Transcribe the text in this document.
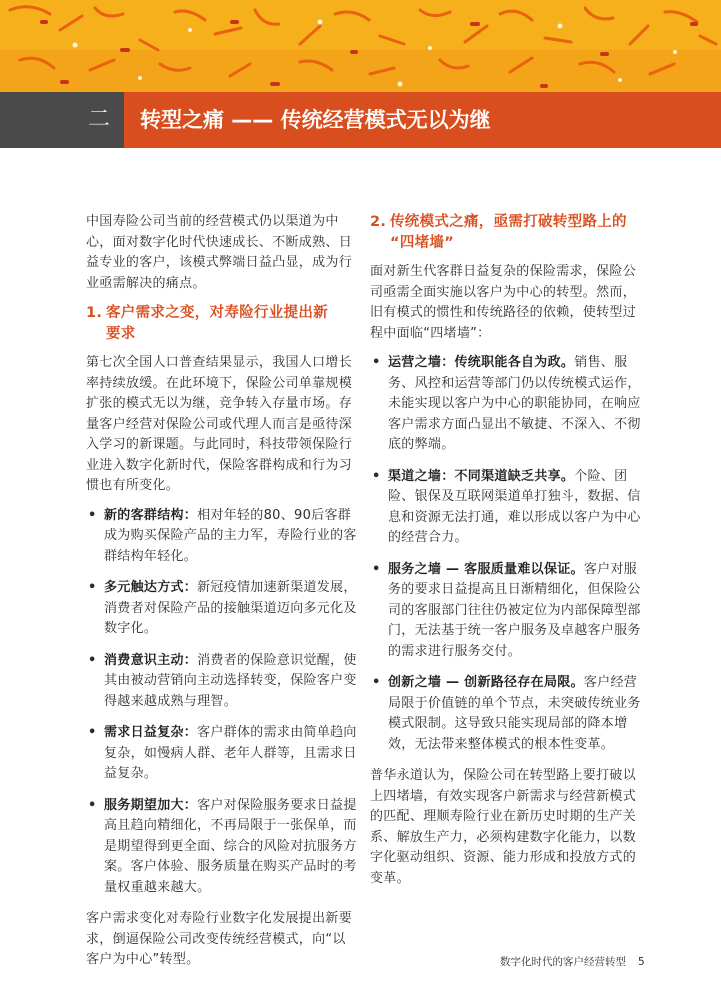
二 转型之痛 —— 传统经营模式无以为继

中国寿险公司当前的经营模式仍以渠道为中心，面对数字化时代快速成长、不断成熟、日益专业的客户，该模式弊端日益凸显，成为行业亟需解决的痛点。

1. 客户需求之变，对寿险行业提出新
要求

第七次全国人口普查结果显示，我国人口增长率持续放缓。在此环境下，保险公司单靠规模扩张的模式无以为继，竞争转入存量市场。存量客户经营对保险公司或代理人而言是亟待深入学习的新课题。与此同时，科技带领保险行业进入数字化新时代，保险客群构成和行为习惯也有所变化。

• 新的客群结构：相对年轻的80、90后客群成为购买保险产品的主力军，寿险行业的客群结构年轻化。
• 多元触达方式：新冠疫情加速新渠道发展，消费者对保险产品的接触渠道迈向多元化及数字化。
• 消费意识主动：消费者的保险意识觉醒，使其由被动营销向主动选择转变，保险客户变得越来越成熟与理智。
• 需求日益复杂：客户群体的需求由简单趋向复杂，如慢病人群、老年人群等，且需求日益复杂。
• 服务期望加大：客户对保险服务要求日益提高且趋向精细化，不再局限于一张保单，而是期望得到更全面、综合的风险对抗服务方案。客户体验、服务质量在购买产品时的考量权重越来越大。

客户需求变化对寿险行业数字化发展提出新要求，倒逼保险公司改变传统经营模式，向“以客户为中心”转型。

2. 传统模式之痛，亟需打破转型路上的
“四堵墙”

面对新生代客群日益复杂的保险需求，保险公司亟需全面实施以客户为中心的转型。然而，旧有模式的惯性和传统路径的依赖，使转型过程中面临“四堵墙”：

• 运营之墙：传统职能各自为政。销售、服务、风控和运营等部门仍以传统模式运作，未能实现以客户为中心的职能协同，在响应客户需求方面凸显出不敏捷、不深入、不彻底的弊端。
• 渠道之墙：不同渠道缺乏共享。个险、团险、银保及互联网渠道单打独斗，数据、信息和资源无法打通，难以形成以客户为中心的经营合力。
• 服务之墙 — 客服质量难以保证。客户对服务的要求日益提高且日渐精细化，但保险公司的客服部门往往仍被定位为内部保障型部门，无法基于统一客户服务及卓越客户服务的需求进行服务交付。
• 创新之墙 — 创新路径存在局限。客户经营局限于价值链的单个节点，未突破传统业务模式限制。这导致只能实现局部的降本增效，无法带来整体模式的根本性变革。

普华永道认为，保险公司在转型路上要打破以上四堵墙，有效实现客户新需求与经营新模式的匹配、理顺寿险行业在新历史时期的生产关系、解放生产力，必须构建数字化能力，以数字化驱动组织、资源、能力形成和投放方式的变革。

数字化时代的客户经营转型 5
